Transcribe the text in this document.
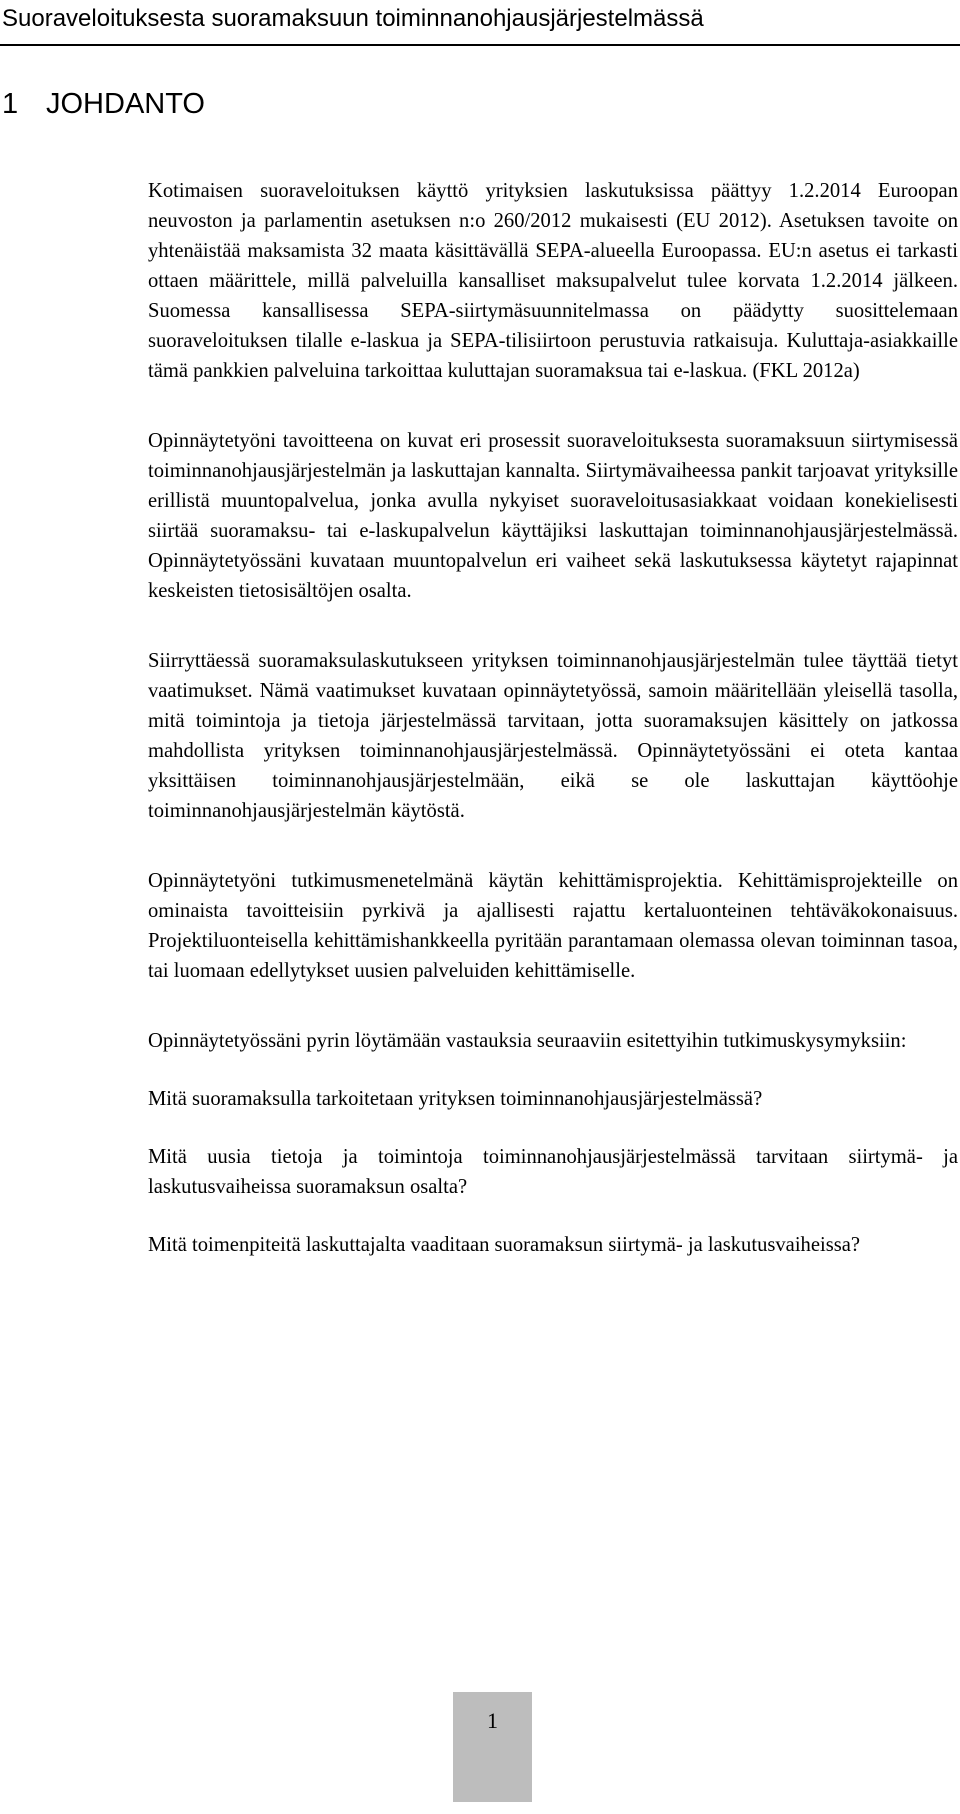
Suoraveloituksesta suoramaksuun toiminnanohjausjärjestelmässä
1 JOHDANTO

Kotimaisen suoraveloituksen käyttö yrityksien laskutuksissa päättyy 1.2.2014 Euroopan neuvoston ja parlamentin asetuksen n:o 260/2012 mukaisesti (EU 2012). Asetuksen tavoite on yhtenäistää maksamista 32 maata käsittävällä SEPA-alueella Euroopassa. EU:n asetus ei tarkasti ottaen määrittele, millä palveluilla kansalliset maksupalvelut tulee korvata 1.2.2014 jälkeen. Suomessa kansallisessa SEPA-siirtymäsuunnitelmassa on päädytty suosittelemaan suoraveloituksen tilalle e-laskua ja SEPA-tilisiirtoon perustuvia ratkaisuja. Kuluttaja-asiakkaille tämä pankkien palveluina tarkoittaa kuluttajan suoramaksua tai e-laskua. (FKL 2012a)

Opinnäytetyöni tavoitteena on kuvat eri prosessit suoraveloituksesta suoramaksuun siirtymisessä toiminnanohjausjärjestelmän ja laskuttajan kannalta. Siirtymävaiheessa pankit tarjoavat yrityksille erillistä muuntopalvelua, jonka avulla nykyiset suoraveloitusasiakkaat voidaan konekielisesti siirtää suoramaksu- tai e-laskupalvelun käyttäjiksi laskuttajan toiminnanohjausjärjestelmässä. Opinnäytetyössäni kuvataan muuntopalvelun eri vaiheet sekä laskutuksessa käytetyt rajapinnat keskeisten tietosisältöjen osalta.

Siirryttäessä suoramaksulaskutukseen yrityksen toiminnanohjausjärjestelmän tulee täyttää tietyt vaatimukset. Nämä vaatimukset kuvataan opinnäytetyössä, samoin määritellään yleisellä tasolla, mitä toimintoja ja tietoja järjestelmässä tarvitaan, jotta suoramaksujen käsittely on jatkossa mahdollista yrityksen toiminnanohjausjärjestelmässä. Opinnäytetyössäni ei oteta kantaa yksittäisen toiminnanohjausjärjestelmään, eikä se ole laskuttajan käyttöohje toiminnanohjausjärjestelmän käytöstä.

Opinnäytetyöni tutkimusmenetelmänä käytän kehittämisprojektia. Kehittämisprojekteille on ominaista tavoitteisiin pyrkivä ja ajallisesti rajattu kertaluonteinen tehtäväkokonaisuus. Projektiluonteisella kehittämishankkeella pyritään parantamaan olemassa olevan toiminnan tasoa, tai luomaan edellytykset uusien palveluiden kehittämiselle.

Opinnäytetyössäni pyrin löytämään vastauksia seuraaviin esitettyihin tutkimuskysymyksiin:

Mitä suoramaksulla tarkoitetaan yrityksen toiminnanohjausjärjestelmässä?

Mitä uusia tietoja ja toimintoja toiminnanohjausjärjestelmässä tarvitaan siirtymä- ja laskutusvaiheissa suoramaksun osalta?

Mitä toimenpiteitä laskuttajalta vaaditaan suoramaksun siirtymä- ja laskutusvaiheissa?

1
